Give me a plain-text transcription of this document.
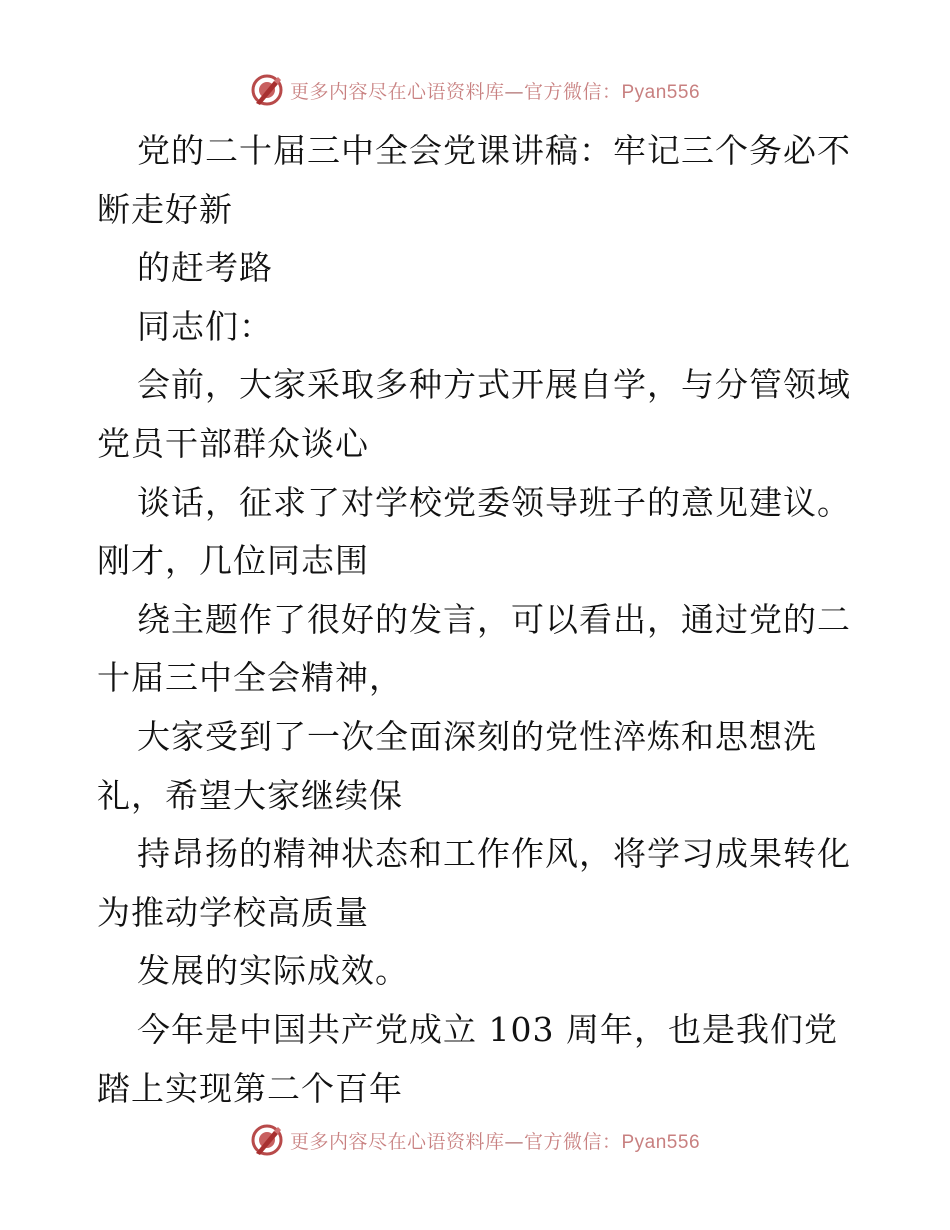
更多内容尽在心语资料库—官方微信：Pyan556
党的二十届三中全会党课讲稿：牢记三个务必不
断走好新
的赶考路
同志们：
会前，大家采取多种方式开展自学，与分管领域
党员干部群众谈心
谈话，征求了对学校党委领导班子的意见建议。
刚才，几位同志围
绕主题作了很好的发言，可以看出，通过党的二
十届三中全会精神，
大家受到了一次全面深刻的党性淬炼和思想洗
礼，希望大家继续保
持昂扬的精神状态和工作作风，将学习成果转化
为推动学校高质量
发展的实际成效。
今年是中国共产党成立 103 周年，也是我们党
踏上实现第二个百年
更多内容尽在心语资料库—官方微信：Pyan556
